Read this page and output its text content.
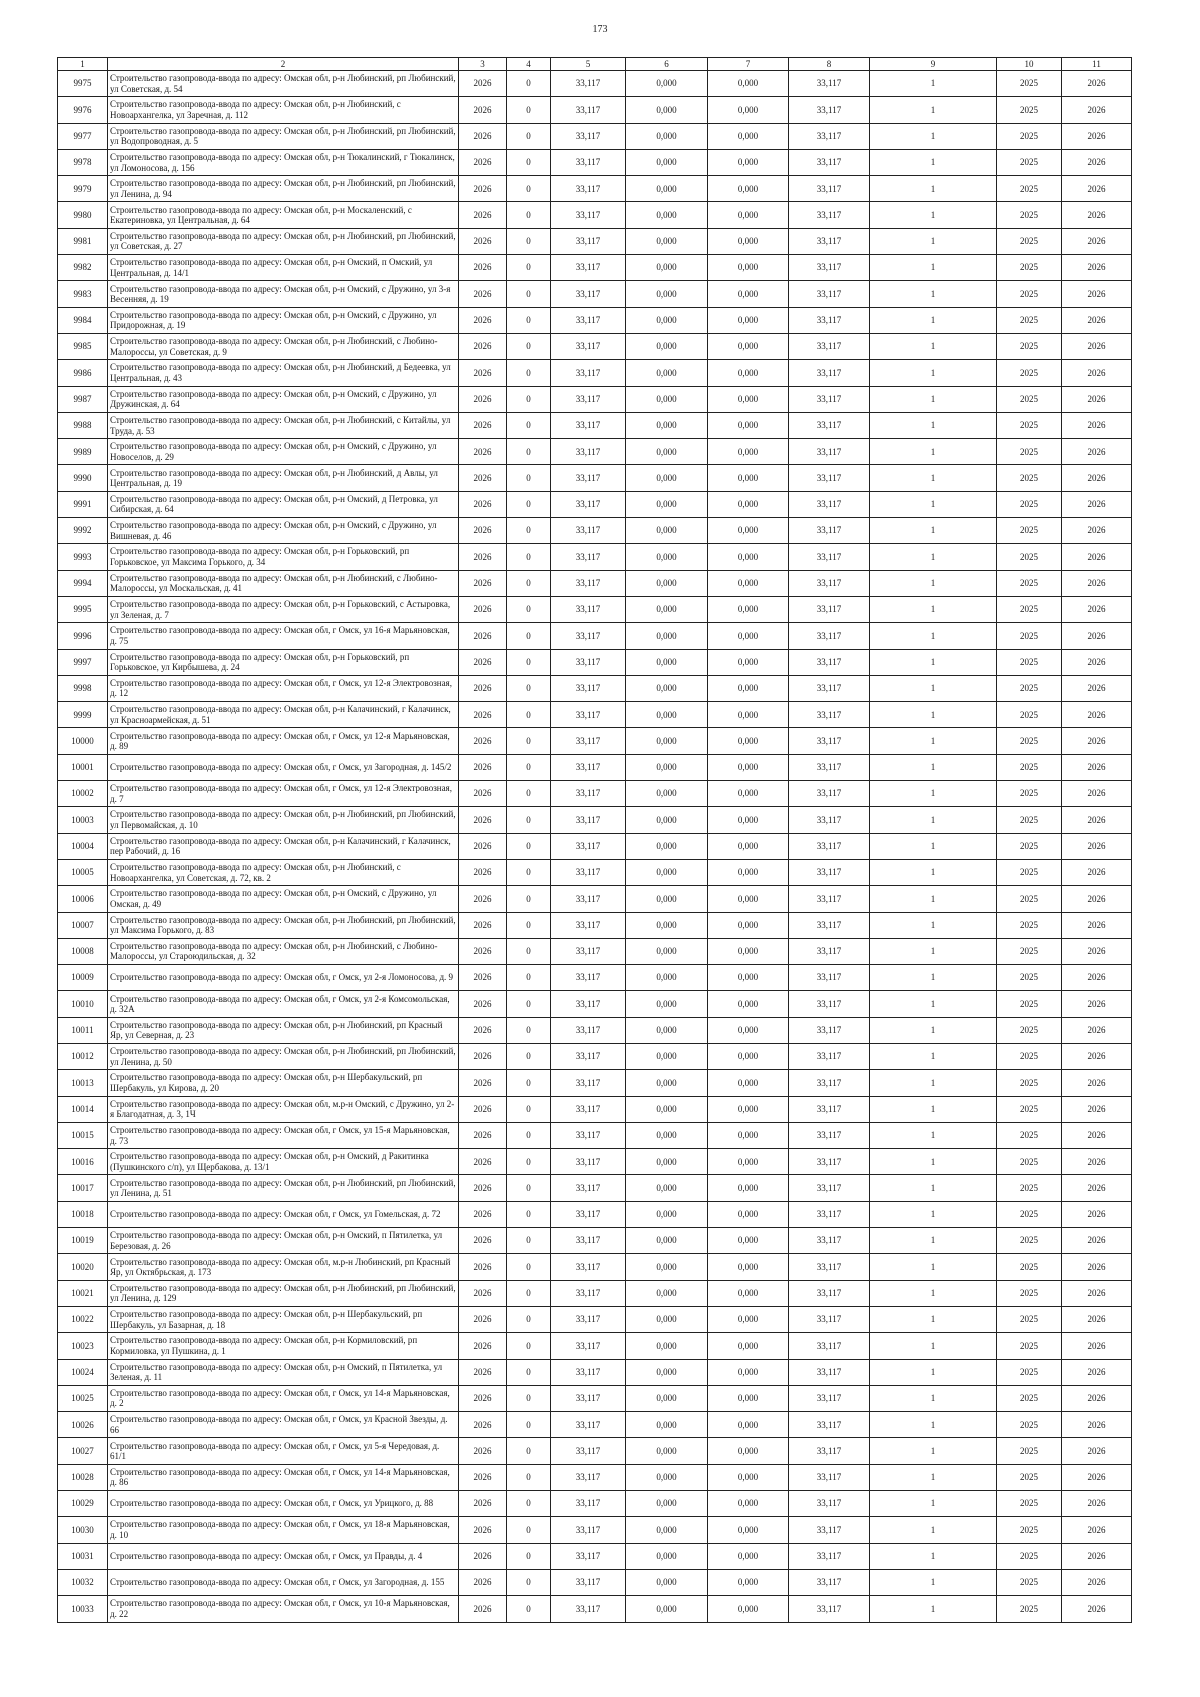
173
1	2	3	4	5	6	7	8	9	10	11
9975	Строительство газопровода-ввода по адресу: Омская обл, р-н Любинский, рп Любинский, ул Советская, д. 54	2026	0	33,117	0,000	0,000	33,117	1	2025	2026
9976	Строительство газопровода-ввода по адресу: Омская обл, р-н Любинский, с Новоархангелка, ул Заречная, д. 112	2026	0	33,117	0,000	0,000	33,117	1	2025	2026
9977	Строительство газопровода-ввода по адресу: Омская обл, р-н Любинский, рп Любинский, ул Водопроводная, д. 5	2026	0	33,117	0,000	0,000	33,117	1	2025	2026
9978	Строительство газопровода-ввода по адресу: Омская обл, р-н Тюкалинский, г Тюкалинск, ул Ломоносова, д. 156	2026	0	33,117	0,000	0,000	33,117	1	2025	2026
9979	Строительство газопровода-ввода по адресу: Омская обл, р-н Любинский, рп Любинский, ул Ленина, д. 94	2026	0	33,117	0,000	0,000	33,117	1	2025	2026
9980	Строительство газопровода-ввода по адресу: Омская обл, р-н Москаленский, с Екатериновка, ул Центральная, д. 64	2026	0	33,117	0,000	0,000	33,117	1	2025	2026
9981	Строительство газопровода-ввода по адресу: Омская обл, р-н Любинский, рп Любинский, ул Советская, д. 27	2026	0	33,117	0,000	0,000	33,117	1	2025	2026
9982	Строительство газопровода-ввода по адресу: Омская обл, р-н Омский, п Омский, ул Центральная, д. 14/1	2026	0	33,117	0,000	0,000	33,117	1	2025	2026
9983	Строительство газопровода-ввода по адресу: Омская обл, р-н Омский, с Дружино, ул 3-я Весенняя, д. 19	2026	0	33,117	0,000	0,000	33,117	1	2025	2026
9984	Строительство газопровода-ввода по адресу: Омская обл, р-н Омский, с Дружино, ул Придорожная, д. 19	2026	0	33,117	0,000	0,000	33,117	1	2025	2026
9985	Строительство газопровода-ввода по адресу: Омская обл, р-н Любинский, с Любино-Малороссы, ул Советская, д. 9	2026	0	33,117	0,000	0,000	33,117	1	2025	2026
9986	Строительство газопровода-ввода по адресу: Омская обл, р-н Любинский, д Бедеевка, ул Центральная, д. 43	2026	0	33,117	0,000	0,000	33,117	1	2025	2026
9987	Строительство газопровода-ввода по адресу: Омская обл, р-н Омский, с Дружино, ул Дружинская, д. 64	2026	0	33,117	0,000	0,000	33,117	1	2025	2026
9988	Строительство газопровода-ввода по адресу: Омская обл, р-н Любинский, с Китайлы, ул Труда, д. 53	2026	0	33,117	0,000	0,000	33,117	1	2025	2026
9989	Строительство газопровода-ввода по адресу: Омская обл, р-н Омский, с Дружино, ул Новоселов, д. 29	2026	0	33,117	0,000	0,000	33,117	1	2025	2026
9990	Строительство газопровода-ввода по адресу: Омская обл, р-н Любинский, д Авлы, ул Центральная, д. 19	2026	0	33,117	0,000	0,000	33,117	1	2025	2026
9991	Строительство газопровода-ввода по адресу: Омская обл, р-н Омский, д Петровка, ул Сибирская, д. 64	2026	0	33,117	0,000	0,000	33,117	1	2025	2026
9992	Строительство газопровода-ввода по адресу: Омская обл, р-н Омский, с Дружино, ул Вишневая, д. 46	2026	0	33,117	0,000	0,000	33,117	1	2025	2026
9993	Строительство газопровода-ввода по адресу: Омская обл, р-н Горьковский, рп Горьковское, ул Максима Горького, д. 34	2026	0	33,117	0,000	0,000	33,117	1	2025	2026
9994	Строительство газопровода-ввода по адресу: Омская обл, р-н Любинский, с Любино-Малороссы, ул Москальская, д. 41	2026	0	33,117	0,000	0,000	33,117	1	2025	2026
9995	Строительство газопровода-ввода по адресу: Омская обл, р-н Горьковский, с Астыровка, ул Зеленая, д. 7	2026	0	33,117	0,000	0,000	33,117	1	2025	2026
9996	Строительство газопровода-ввода по адресу: Омская обл, г Омск, ул 16-я Марьяновская, д. 75	2026	0	33,117	0,000	0,000	33,117	1	2025	2026
9997	Строительство газопровода-ввода по адресу: Омская обл, р-н Горьковский, рп Горьковское, ул Кирбышева, д. 24	2026	0	33,117	0,000	0,000	33,117	1	2025	2026
9998	Строительство газопровода-ввода по адресу: Омская обл, г Омск, ул 12-я Электровозная, д. 12	2026	0	33,117	0,000	0,000	33,117	1	2025	2026
9999	Строительство газопровода-ввода по адресу: Омская обл, р-н Калачинский, г Калачинск, ул Красноармейская, д. 51	2026	0	33,117	0,000	0,000	33,117	1	2025	2026
10000	Строительство газопровода-ввода по адресу: Омская обл, г Омск, ул 12-я Марьяновская, д. 89	2026	0	33,117	0,000	0,000	33,117	1	2025	2026
10001	Строительство газопровода-ввода по адресу: Омская обл, г Омск, ул Загородная, д. 145/2	2026	0	33,117	0,000	0,000	33,117	1	2025	2026
10002	Строительство газопровода-ввода по адресу: Омская обл, г Омск, ул 12-я Электровозная, д. 7	2026	0	33,117	0,000	0,000	33,117	1	2025	2026
10003	Строительство газопровода-ввода по адресу: Омская обл, р-н Любинский, рп Любинский, ул Первомайская, д. 10	2026	0	33,117	0,000	0,000	33,117	1	2025	2026
10004	Строительство газопровода-ввода по адресу: Омская обл, р-н Калачинский, г Калачинск, пер Рабочий, д. 16	2026	0	33,117	0,000	0,000	33,117	1	2025	2026
10005	Строительство газопровода-ввода по адресу: Омская обл, р-н Любинский, с Новоархангелка, ул Советская, д. 72, кв. 2	2026	0	33,117	0,000	0,000	33,117	1	2025	2026
10006	Строительство газопровода-ввода по адресу: Омская обл, р-н Омский, с Дружино, ул Омская, д. 49	2026	0	33,117	0,000	0,000	33,117	1	2025	2026
10007	Строительство газопровода-ввода по адресу: Омская обл, р-н Любинский, рп Любинский, ул Максима Горького, д. 83	2026	0	33,117	0,000	0,000	33,117	1	2025	2026
10008	Строительство газопровода-ввода по адресу: Омская обл, р-н Любинский, с Любино-Малороссы, ул Староюдильская, д. 32	2026	0	33,117	0,000	0,000	33,117	1	2025	2026
10009	Строительство газопровода-ввода по адресу: Омская обл, г Омск, ул 2-я Ломоносова, д. 9	2026	0	33,117	0,000	0,000	33,117	1	2025	2026
10010	Строительство газопровода-ввода по адресу: Омская обл, г Омск, ул 2-я Комсомольская, д. 32А	2026	0	33,117	0,000	0,000	33,117	1	2025	2026
10011	Строительство газопровода-ввода по адресу: Омская обл, р-н Любинский, рп Красный Яр, ул Северная, д. 23	2026	0	33,117	0,000	0,000	33,117	1	2025	2026
10012	Строительство газопровода-ввода по адресу: Омская обл, р-н Любинский, рп Любинский, ул Ленина, д. 50	2026	0	33,117	0,000	0,000	33,117	1	2025	2026
10013	Строительство газопровода-ввода по адресу: Омская обл, р-н Шербакульский, рп Шербакуль, ул Кирова, д. 20	2026	0	33,117	0,000	0,000	33,117	1	2025	2026
10014	Строительство газопровода-ввода по адресу: Омская обл, м.р-н Омский, с Дружино, ул 2-я Благодатная, д. 3, 1Ч	2026	0	33,117	0,000	0,000	33,117	1	2025	2026
10015	Строительство газопровода-ввода по адресу: Омская обл, г Омск, ул 15-я Марьяновская, д. 73	2026	0	33,117	0,000	0,000	33,117	1	2025	2026
10016	Строительство газопровода-ввода по адресу: Омская обл, р-н Омский, д Ракитинка (Пушкинского с/п), ул Щербакова, д. 13/1	2026	0	33,117	0,000	0,000	33,117	1	2025	2026
10017	Строительство газопровода-ввода по адресу: Омская обл, р-н Любинский, рп Любинский, ул Ленина, д. 51	2026	0	33,117	0,000	0,000	33,117	1	2025	2026
10018	Строительство газопровода-ввода по адресу: Омская обл, г Омск, ул Гомельская, д. 72	2026	0	33,117	0,000	0,000	33,117	1	2025	2026
10019	Строительство газопровода-ввода по адресу: Омская обл, р-н Омский, п Пятилетка, ул Березовая, д. 26	2026	0	33,117	0,000	0,000	33,117	1	2025	2026
10020	Строительство газопровода-ввода по адресу: Омская обл, м.р-н Любинский, рп Красный Яр, ул Октябрьская, д. 173	2026	0	33,117	0,000	0,000	33,117	1	2025	2026
10021	Строительство газопровода-ввода по адресу: Омская обл, р-н Любинский, рп Любинский, ул Ленина, д. 129	2026	0	33,117	0,000	0,000	33,117	1	2025	2026
10022	Строительство газопровода-ввода по адресу: Омская обл, р-н Шербакульский, рп Шербакуль, ул Базарная, д. 18	2026	0	33,117	0,000	0,000	33,117	1	2025	2026
10023	Строительство газопровода-ввода по адресу: Омская обл, р-н Кормиловский, рп Кормиловка, ул Пушкина, д. 1	2026	0	33,117	0,000	0,000	33,117	1	2025	2026
10024	Строительство газопровода-ввода по адресу: Омская обл, р-н Омский, п Пятилетка, ул Зеленая, д. 11	2026	0	33,117	0,000	0,000	33,117	1	2025	2026
10025	Строительство газопровода-ввода по адресу: Омская обл, г Омск, ул 14-я Марьяновская, д. 2	2026	0	33,117	0,000	0,000	33,117	1	2025	2026
10026	Строительство газопровода-ввода по адресу: Омская обл, г Омск, ул Красной Звезды, д. 66	2026	0	33,117	0,000	0,000	33,117	1	2025	2026
10027	Строительство газопровода-ввода по адресу: Омская обл, г Омск, ул 5-я Чередовая, д. 61/1	2026	0	33,117	0,000	0,000	33,117	1	2025	2026
10028	Строительство газопровода-ввода по адресу: Омская обл, г Омск, ул 14-я Марьяновская, д. 86	2026	0	33,117	0,000	0,000	33,117	1	2025	2026
10029	Строительство газопровода-ввода по адресу: Омская обл, г Омск, ул Урицкого, д. 88	2026	0	33,117	0,000	0,000	33,117	1	2025	2026
10030	Строительство газопровода-ввода по адресу: Омская обл, г Омск, ул 18-я Марьяновская, д. 10	2026	0	33,117	0,000	0,000	33,117	1	2025	2026
10031	Строительство газопровода-ввода по адресу: Омская обл, г Омск, ул Правды, д. 4	2026	0	33,117	0,000	0,000	33,117	1	2025	2026
10032	Строительство газопровода-ввода по адресу: Омская обл, г Омск, ул Загородная, д. 155	2026	0	33,117	0,000	0,000	33,117	1	2025	2026
10033	Строительство газопровода-ввода по адресу: Омская обл, г Омск, ул 10-я Марьяновская, д. 22	2026	0	33,117	0,000	0,000	33,117	1	2025	2026
